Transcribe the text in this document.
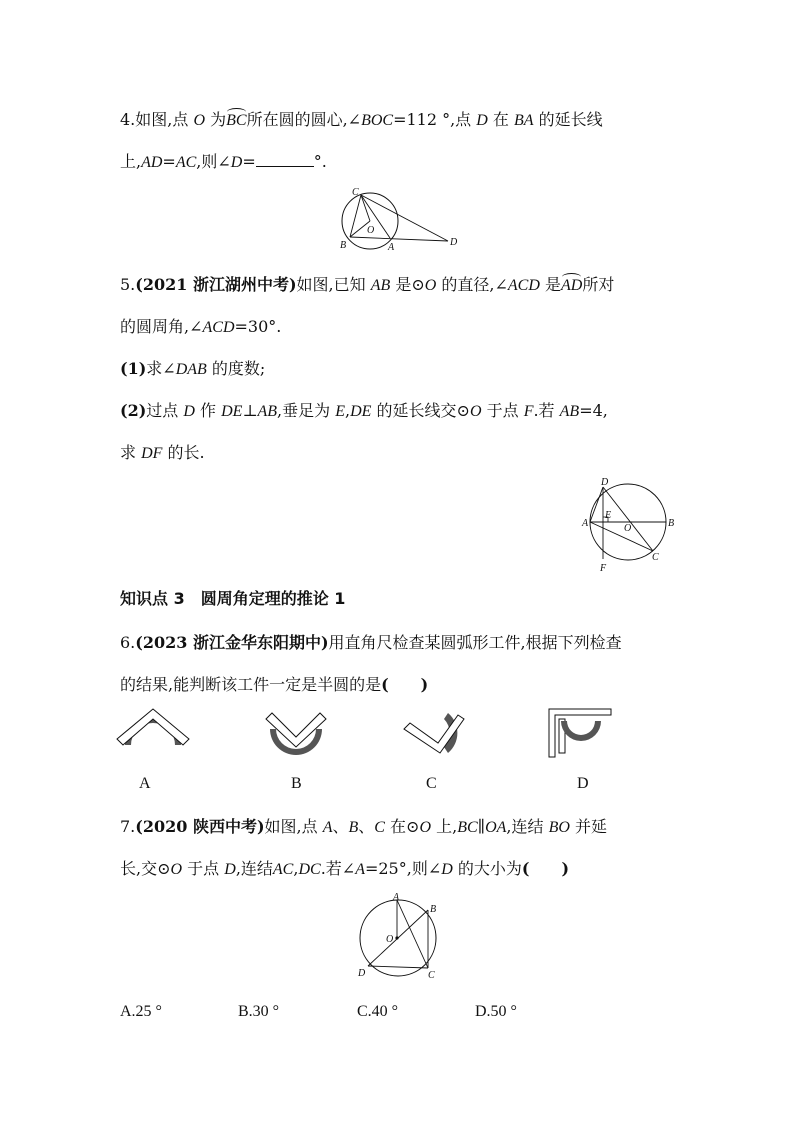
4.如图,点 O 为BC所在圆的圆心,∠BOC=112 °,点 D 在 BA 的延长线
上,AD=AC,则∠D=	°.
C
O
B	A	D
5.(2021 浙江湖州中考)如图,已知 AB 是⊙O 的直径,∠ACD 是AD所对
的圆周角,∠ACD=30°.
(1)求∠DAB 的度数;
(2)过点 D 作 DE⊥AB,垂足为 E,DE 的延长线交⊙O 于点 F.若 AB=4,
求 DF 的长.
D
A
E
O	B
F
C
知识点 3　圆周角定理的推论 1
6.(2023 浙江金华东阳期中)用直角尺检查某圆弧形工件,根据下列检查
的结果,能判断该工件一定是半圆的是(　　)
A	B	C	D
7.(2020 陕西中考)如图,点 A、B、C 在⊙O 上,BC∥OA,连结 BO 并延
长,交⊙O 于点 D,连结AC,DC.若∠A=25°,则∠D 的大小为(　　)
A
B
O
D	C
A.25 °	B.30 °	C.40 °	D.50 °
